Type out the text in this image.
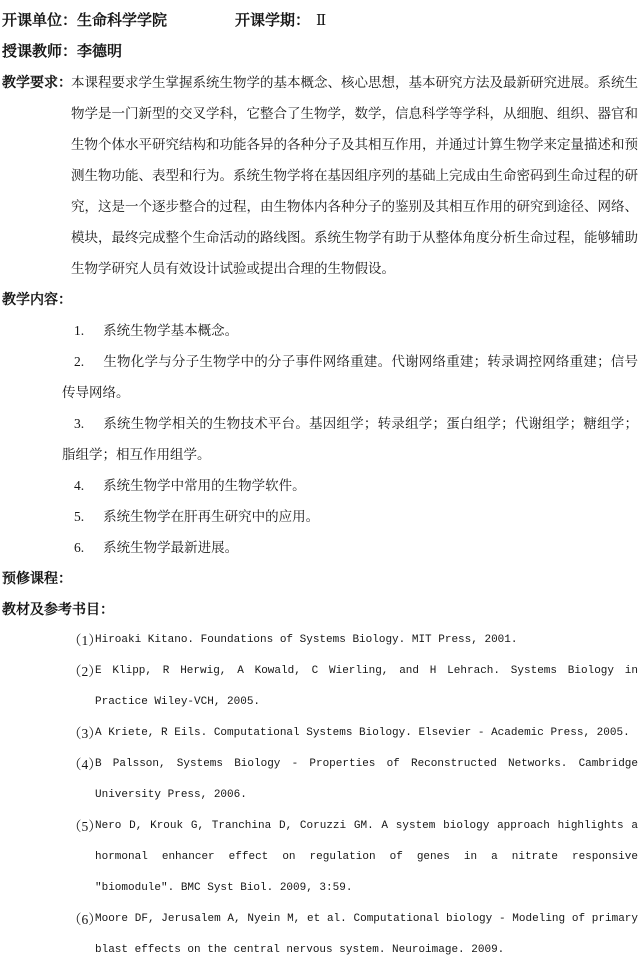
开课单位：生命科学学院	开课学期： Ⅱ
授课教师：李德明
教学要求： 本课程要求学生掌握系统生物学的基本概念、核心思想，基本研究方法及最新研究进展。系统生物学是一门新型的交叉学科，它整合了生物学，数学，信息科学等学科，从细胞、组织、器官和生物个体水平研究结构和功能各异的各种分子及其相互作用，并通过计算生物学来定量描述和预测生物功能、表型和行为。系统生物学将在基因组序列的基础上完成由生命密码到生命过程的研究，这是一个逐步整合的过程，由生物体内各种分子的鉴别及其相互作用的研究到途径、网络、模块，最终完成整个生命活动的路线图。系统生物学有助于从整体角度分析生命过程，能够辅助生物学研究人员有效设计试验或提出合理的生物假设。
教学内容：
1. 系统生物学基本概念。
2. 生物化学与分子生物学中的分子事件网络重建。代谢网络重建；转录调控网络重建；信号传导网络。
3. 系统生物学相关的生物技术平台。基因组学；转录组学；蛋白组学；代谢组学；糖组学；脂组学；相互作用组学。
4. 系统生物学中常用的生物学软件。
5. 系统生物学在肝再生研究中的应用。
6. 系统生物学最新进展。
预修课程：
教材及参考书目：
（1）
Hiroaki Kitano. Foundations of Systems Biology. MIT Press, 2001.
（2）
E Klipp, R Herwig, A Kowald, C Wierling, and H Lehrach. Systems Biology in Practice Wiley-VCH, 2005.
（3）
A Kriete, R Eils. Computational Systems Biology. Elsevier - Academic Press, 2005.
（4）
B Palsson, Systems Biology - Properties of Reconstructed Networks. Cambridge University Press, 2006.
（5）
Nero D, Krouk G, Tranchina D, Coruzzi GM. A system biology approach highlights a hormonal enhancer effect on regulation of genes in a nitrate responsive "biomodule". BMC Syst Biol. 2009, 3:59.
（6）
Moore DF, Jerusalem A, Nyein M, et al. Computational biology - Modeling of primary blast effects on the central nervous system. Neuroimage. 2009.
